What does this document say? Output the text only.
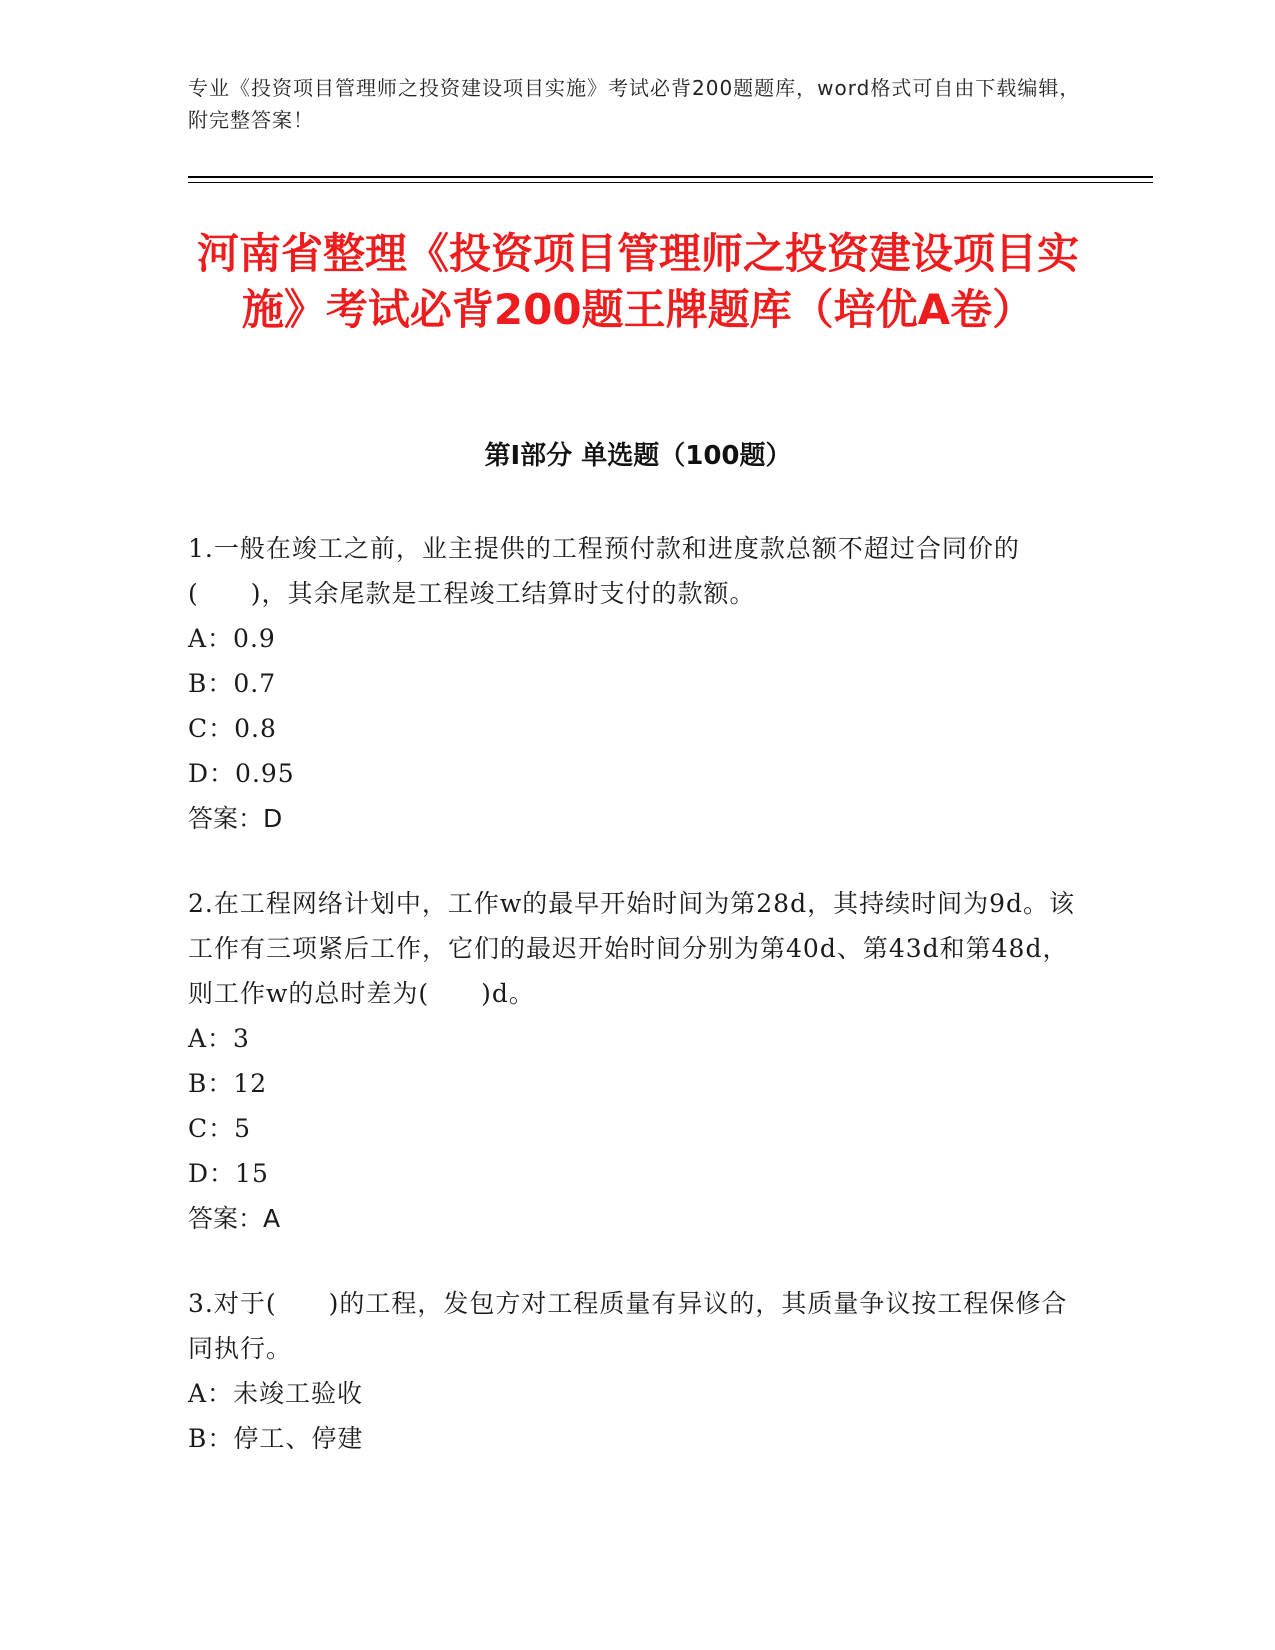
专业《投资项目管理师之投资建设项目实施》考试必背200题题库，word格式可自由下载编辑，附完整答案！
河南省整理《投资项目管理师之投资建设项目实施》考试必背200题王牌题库（培优A卷）
第I部分 单选题（100题）
1.一般在竣工之前，业主提供的工程预付款和进度款总额不超过合同价的(　　)，其余尾款是工程竣工结算时支付的款额。
A：0.9
B：0.7
C：0.8
D：0.95
答案：D
2.在工程网络计划中，工作w的最早开始时间为第28d，其持续时间为9d。该工作有三项紧后工作，它们的最迟开始时间分别为第40d、第43d和第48d，则工作w的总时差为(　　)d。
A：3
B：12
C：5
D：15
答案：A
3.对于(　　)的工程，发包方对工程质量有异议的，其质量争议按工程保修合同执行。
A：未竣工验收
B：停工、停建
